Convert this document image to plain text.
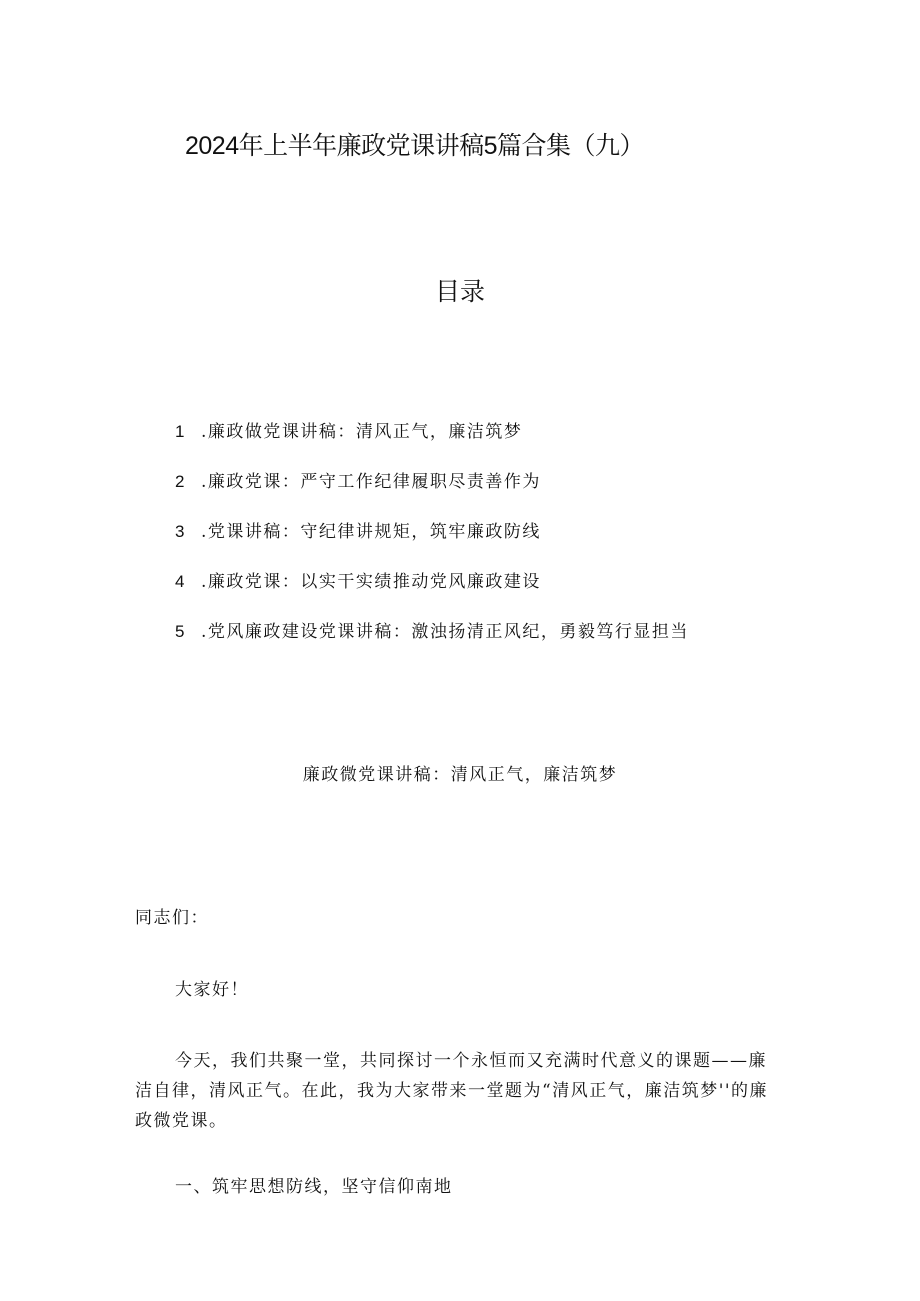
2024年上半年廉政党课讲稿5篇合集（九）
目录
1 .廉政做党课讲稿：清风正气，廉洁筑梦
2 .廉政党课：严守工作纪律履职尽责善作为
3 .党课讲稿：守纪律讲规矩，筑牢廉政防线
4 .廉政党课：以实干实绩推动党风廉政建设
5 .党风廉政建设党课讲稿：激浊扬清正风纪，勇毅笃行显担当
廉政微党课讲稿：清风正气，廉洁筑梦

同志们：

大家好！

今天，我们共聚一堂，共同探讨一个永恒而又充满时代意义的课题——廉洁自律，清风正气。在此，我为大家带来一堂题为“清风正气，廉洁筑梦''的廉政微党课。

一、筑牢思想防线，坚守信仰南地
